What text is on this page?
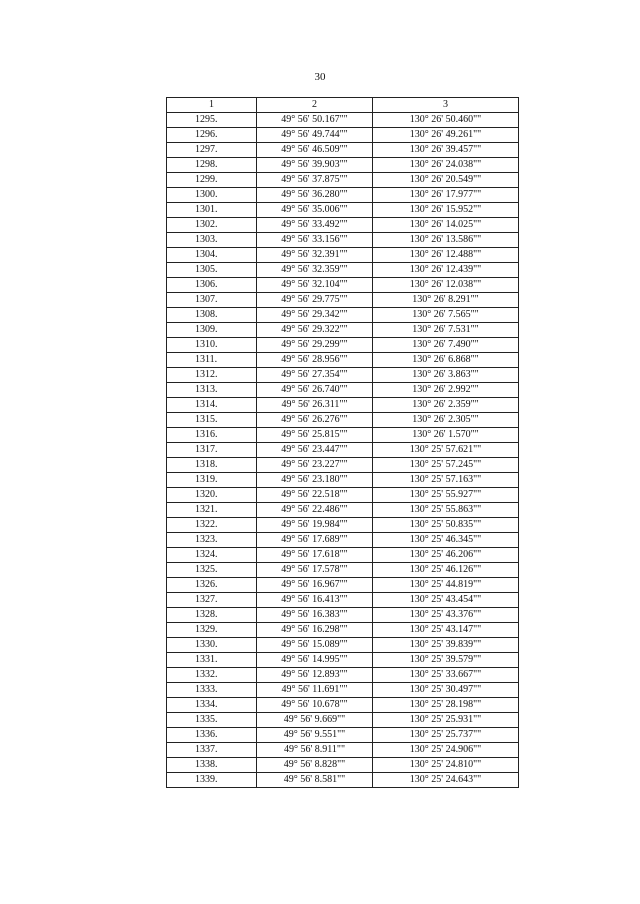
30
1	2	3
1295.	49° 56' 50.167""	130° 26' 50.460""
1296.	49° 56' 49.744""	130° 26' 49.261""
1297.	49° 56' 46.509""	130° 26' 39.457""
1298.	49° 56' 39.903""	130° 26' 24.038""
1299.	49° 56' 37.875""	130° 26' 20.549""
1300.	49° 56' 36.280""	130° 26' 17.977""
1301.	49° 56' 35.006""	130° 26' 15.952""
1302.	49° 56' 33.492""	130° 26' 14.025""
1303.	49° 56' 33.156""	130° 26' 13.586""
1304.	49° 56' 32.391""	130° 26' 12.488""
1305.	49° 56' 32.359""	130° 26' 12.439""
1306.	49° 56' 32.104""	130° 26' 12.038""
1307.	49° 56' 29.775""	130° 26' 8.291""
1308.	49° 56' 29.342""	130° 26' 7.565""
1309.	49° 56' 29.322""	130° 26' 7.531""
1310.	49° 56' 29.299""	130° 26' 7.490""
1311.	49° 56' 28.956""	130° 26' 6.868""
1312.	49° 56' 27.354""	130° 26' 3.863""
1313.	49° 56' 26.740""	130° 26' 2.992""
1314.	49° 56' 26.311""	130° 26' 2.359""
1315.	49° 56' 26.276""	130° 26' 2.305""
1316.	49° 56' 25.815""	130° 26' 1.570""
1317.	49° 56' 23.447""	130° 25' 57.621""
1318.	49° 56' 23.227""	130° 25' 57.245""
1319.	49° 56' 23.180""	130° 25' 57.163""
1320.	49° 56' 22.518""	130° 25' 55.927""
1321.	49° 56' 22.486""	130° 25' 55.863""
1322.	49° 56' 19.984""	130° 25' 50.835""
1323.	49° 56' 17.689""	130° 25' 46.345""
1324.	49° 56' 17.618""	130° 25' 46.206""
1325.	49° 56' 17.578""	130° 25' 46.126""
1326.	49° 56' 16.967""	130° 25' 44.819""
1327.	49° 56' 16.413""	130° 25' 43.454""
1328.	49° 56' 16.383""	130° 25' 43.376""
1329.	49° 56' 16.298""	130° 25' 43.147""
1330.	49° 56' 15.089""	130° 25' 39.839""
1331.	49° 56' 14.995""	130° 25' 39.579""
1332.	49° 56' 12.893""	130° 25' 33.667""
1333.	49° 56' 11.691""	130° 25' 30.497""
1334.	49° 56' 10.678""	130° 25' 28.198""
1335.	49° 56' 9.669""	130° 25' 25.931""
1336.	49° 56' 9.551""	130° 25' 25.737""
1337.	49° 56' 8.911""	130° 25' 24.906""
1338.	49° 56' 8.828""	130° 25' 24.810""
1339.	49° 56' 8.581""	130° 25' 24.643""
